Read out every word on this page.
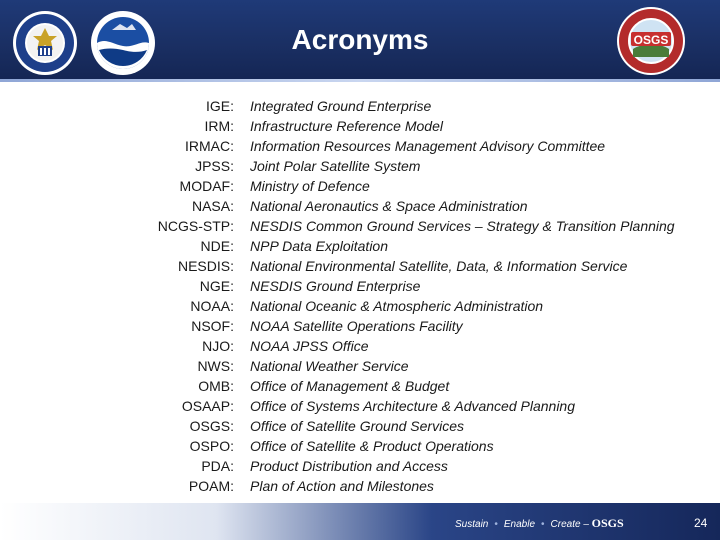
Acronyms	OSGS
IGE: Integrated Ground Enterprise
IRM: Infrastructure Reference Model
IRMAC: Information Resources Management Advisory Committee
JPSS: Joint Polar Satellite System
MODAF: Ministry of Defence
NASA: National Aeronautics & Space Administration
NCGS-STP: NESDIS Common Ground Services – Strategy & Transition Planning
NDE: NPP Data Exploitation
NESDIS: National Environmental Satellite, Data, & Information Service
NGE: NESDIS Ground Enterprise
NOAA: National Oceanic & Atmospheric Administration
NSOF: NOAA Satellite Operations Facility
NJO: NOAA JPSS Office
NWS: National Weather Service
OMB: Office of Management & Budget
OSAAP: Office of Systems Architecture & Advanced Planning
OSGS: Office of Satellite Ground Services
OSPO: Office of Satellite & Product Operations
PDA: Product Distribution and Access
POAM: Plan of Action and Milestones
Sustain • Enable • Create – OSGS	24
